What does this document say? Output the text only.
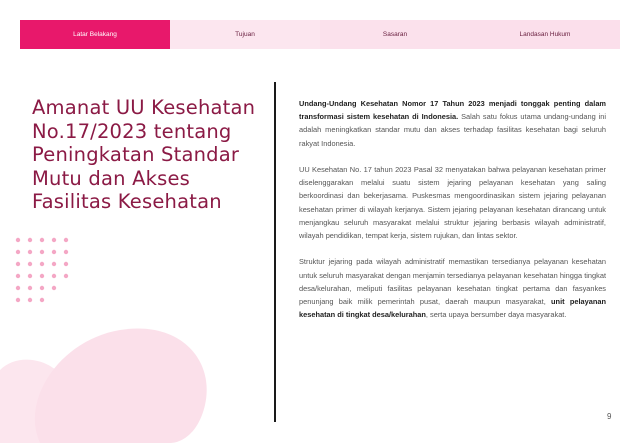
Latar Belakang	Tujuan	Sasaran	Landasan Hukum
Amanat UU Kesehatan No.17/2023 tentang Peningkatan Standar Mutu dan Akses Fasilitas Kesehatan

Undang-Undang Kesehatan Nomor 17 Tahun 2023 menjadi tonggak penting dalam transformasi sistem kesehatan di Indonesia. Salah satu fokus utama undang-undang ini adalah meningkatkan standar mutu dan akses terhadap fasilitas kesehatan bagi seluruh rakyat Indonesia.

UU Kesehatan No. 17 tahun 2023 Pasal 32 menyatakan bahwa pelayanan kesehatan primer diselenggarakan melalui suatu sistem jejaring pelayanan kesehatan yang saling berkoordinasi dan bekerjasama. Puskesmas mengoordinasikan sistem jejaring pelayanan kesehatan primer di wilayah kerjanya. Sistem jejaring pelayanan kesehatan dirancang untuk menjangkau seluruh masyarakat melalui struktur jejaring berbasis wilayah administratif, wilayah pendidikan, tempat kerja, sistem rujukan, dan lintas sektor.

Struktur jejaring pada wilayah administratif memastikan tersedianya pelayanan kesehatan untuk seluruh masyarakat dengan menjamin tersedianya pelayanan kesehatan hingga tingkat desa/kelurahan, meliputi fasilitas pelayanan kesehatan tingkat pertama dan fasyankes penunjang baik milik pemerintah pusat, daerah maupun masyarakat, unit pelayanan kesehatan di tingkat desa/kelurahan, serta upaya bersumber daya masyarakat.

9
